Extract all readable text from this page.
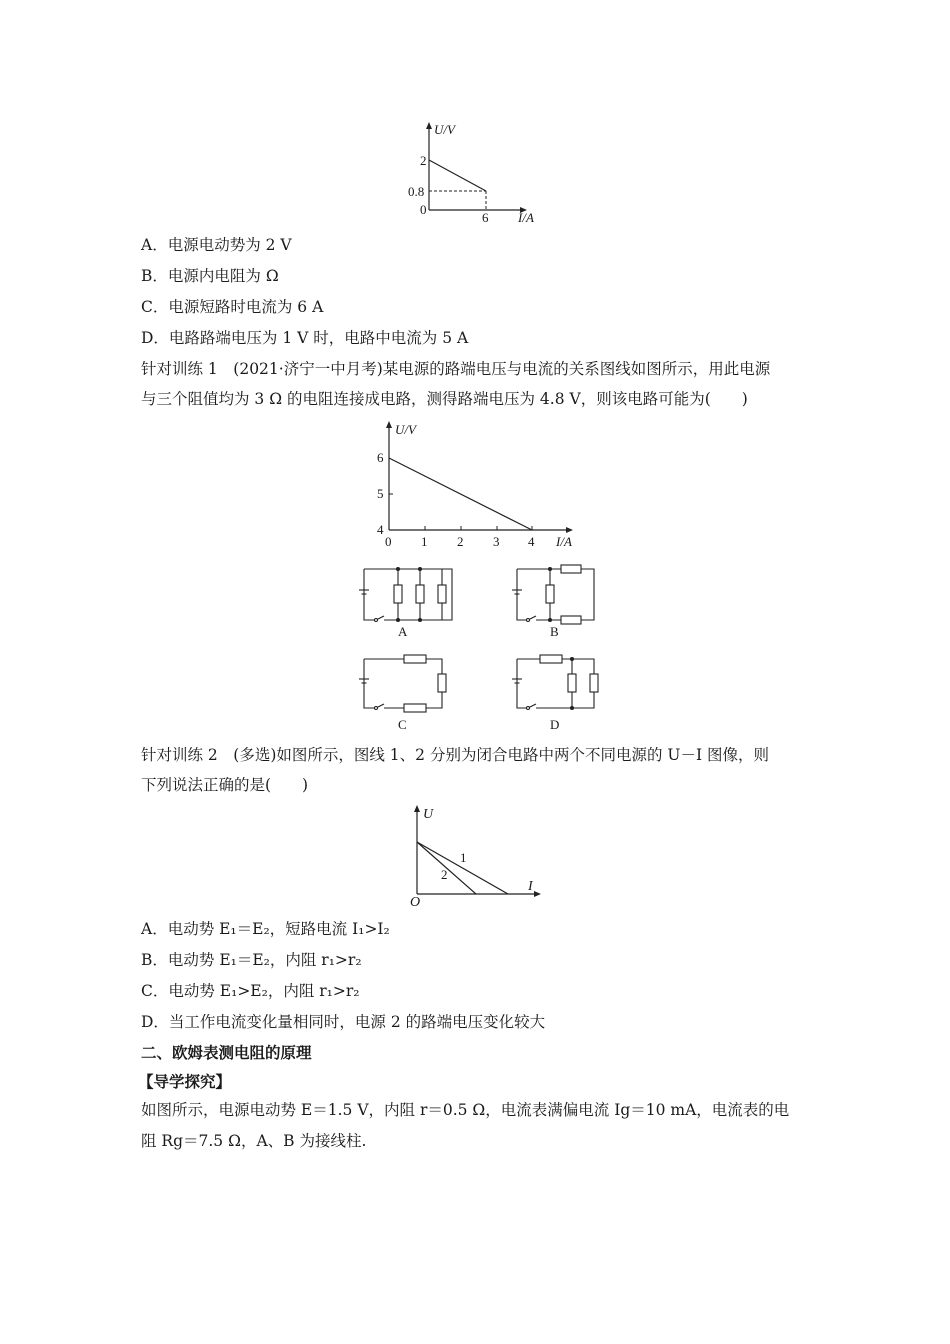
U/V
2
0.8
0
6 I/A
A．电源电动势为 2 V
B．电源内电阻为 Ω
C．电源短路时电流为 6 A
D．电路路端电压为 1 V 时，电路中电流为 5 A
针对训练 1　(2021·济宁一中月考)某电源的路端电压与电流的关系图线如图所示，用此电源
与三个阻值均为 3 Ω 的电阻连接成电路，测得路端电压为 4.8 V，则该电路可能为(　　)
U/V
6
5
4
0 1 2 3 4 I/A
A	B
C	D
针对训练 2　(多选)如图所示，图线 1、2 分别为闭合电路中两个不同电源的 U－I 图像，则
下列说法正确的是(　　)
U
I
O
1
2
A．电动势 E₁＝E₂，短路电流 I₁>I₂
B．电动势 E₁＝E₂，内阻 r₁>r₂
C．电动势 E₁>E₂，内阻 r₁>r₂
D．当工作电流变化量相同时，电源 2 的路端电压变化较大
二、欧姆表测电阻的原理
【导学探究】
如图所示，电源电动势 E＝1.5 V，内阻 r＝0.5 Ω，电流表满偏电流 Ig＝10 mA，电流表的电
阻 Rg＝7.5 Ω，A、B 为接线柱.
